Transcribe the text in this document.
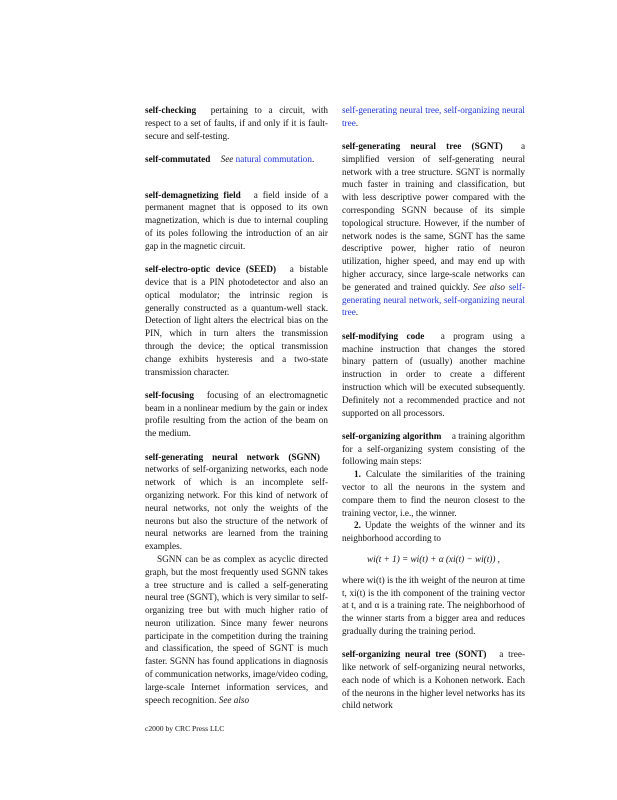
self-checking pertaining to a circuit, with respect to a set of faults, if and only if it is fault-secure and self-testing.
self-commutated See natural commutation.
self-demagnetizing field a field inside of a permanent magnet that is opposed to its own magnetization, which is due to internal coupling of its poles following the introduction of an air gap in the magnetic circuit.
self-electro-optic device (SEED) a bistable device that is a PIN photodetector and also an optical modulator; the intrinsic region is generally constructed as a quantum-well stack. Detection of light alters the electrical bias on the PIN, which in turn alters the transmission through the device; the optical transmission change exhibits hysteresis and a two-state transmission character.
self-focusing focusing of an electromagnetic beam in a nonlinear medium by the gain or index profile resulting from the action of the beam on the medium.

self-generating neural network (SGNN) networks of self-organizing networks, each node network of which is an incomplete self-organizing network. For this kind of network of neural networks, not only the weights of the neurons but also the structure of the network of neural networks are learned from the training examples.

SGNN can be as complex as acyclic directed graph, but the most frequently used SGNN takes a tree structure and is called a self-generating neural tree (SGNT), which is very similar to self-organizing tree but with much higher ratio of neuron utilization. Since many fewer neurons participate in the competition during the training and classification, the speed of SGNT is much faster. SGNN has found applications in diagnosis of communication networks, image/video coding, large-scale Internet information services, and speech recognition. See also

self-generating neural tree, self-organizing neural tree.
self-generating neural tree (SGNT) a simplified version of self-generating neural network with a tree structure. SGNT is normally much faster in training and classification, but with less descriptive power compared with the corresponding SGNN because of its simple topological structure. However, if the number of network nodes is the same, SGNT has the same descriptive power, higher ratio of neuron utilization, higher speed, and may end up with higher accuracy, since large-scale networks can be generated and trained quickly. See also self-generating neural network, self-organizing neural tree.
self-modifying code a program using a machine instruction that changes the stored binary pattern of (usually) another machine instruction in order to create a different instruction which will be executed subsequently. Definitely not a recommended practice and not supported on all processors.

self-organizing algorithm a training algorithm for a self-organizing system consisting of the following main steps:

1. Calculate the similarities of the training vector to all the neurons in the system and compare them to find the neuron closest to the training vector, i.e., the winner.

2. Update the weights of the winner and its neighborhood according to

wi(t + 1) = wi(t) + α (xi(t) − wi(t)) ,

where wi(t) is the ith weight of the neuron at time t, xi(t) is the ith component of the training vector at t, and α is a training rate. The neighborhood of the winner starts from a bigger area and reduces gradually during the training period.

self-organizing neural tree (SONT) a tree-like network of self-organizing neural networks, each node of which is a Kohonen network. Each of the neurons in the higher level networks has its child network
c2000 by CRC Press LLC
